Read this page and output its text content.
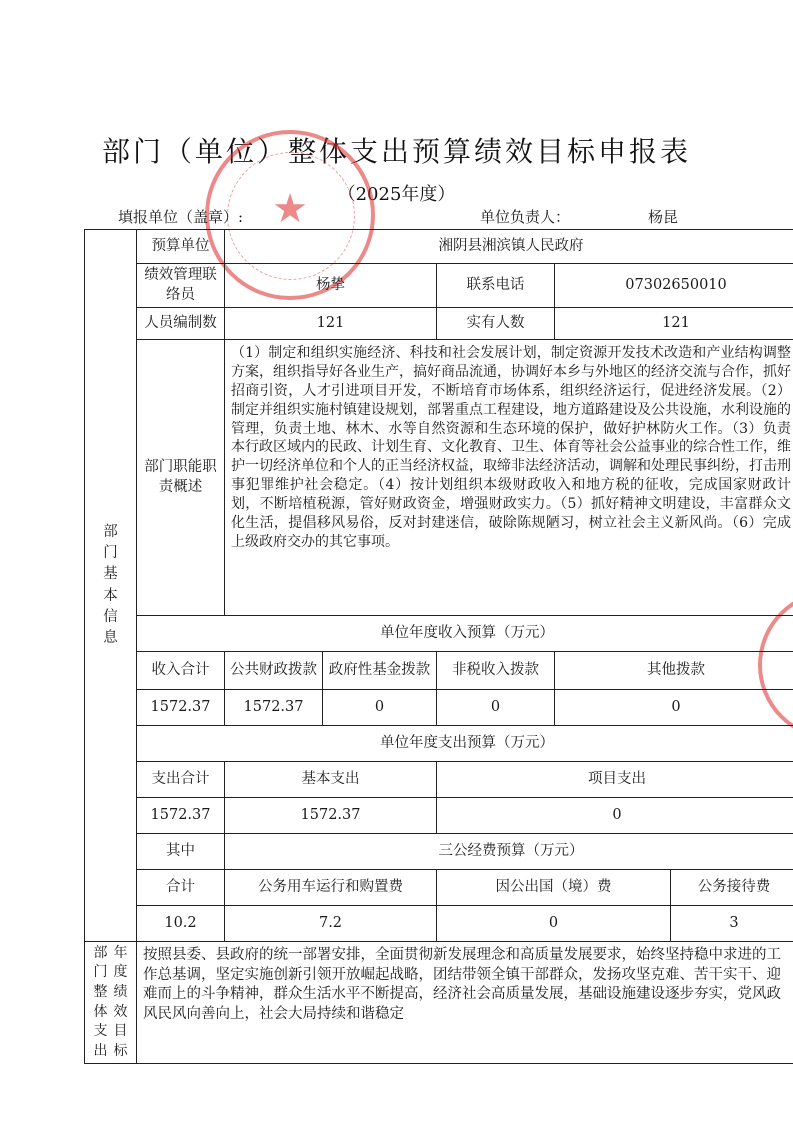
部门（单位）整体支出预算绩效目标申报表
（2025年度）
★
填报单位（盖章）:	单位负责人：	杨昆
部门基本信息	预算单位	湘阴县湘滨镇人民政府				
	绩效管理联络员	杨挚		联系电话	07302650010	
	人员编制数	121		实有人数	121	
	部门职能职责概述	（1）制定和组织实施经济、科技和社会发展计划，制定资源开发技术改造和产业结构调整方案，组织指导好各业生产，搞好商品流通，协调好本乡与外地区的经济交流与合作，抓好招商引资，人才引进项目开发，不断培育市场体系，组织经济运行，促进经济发展。（2）制定并组织实施村镇建设规划，部署重点工程建设，地方道路建设及公共设施，水利设施的管理，负责土地、林木、水等自然资源和生态环境的保护，做好护林防火工作。（3）负责本行政区域内的民政、计划生育、文化教育、卫生、体育等社会公益事业的综合性工作，维护一切经济单位和个人的正当经济权益，取缔非法经济活动，调解和处理民事纠纷，打击刑事犯罪维护社会稳定。（4）按计划组织本级财政收入和地方税的征收，完成国家财政计划，不断培植税源，管好财政资金，增强财政实力。（5）抓好精神文明建设，丰富群众文化生活，提倡移风易俗，反对封建迷信，破除陈规陋习，树立社会主义新风尚。（6）完成上级政府交办的其它事项。				
	单位年度收入预算（万元）					
	收入合计	公共财政拨款	政府性基金拨款	非税收入拨款	其他拨款	
	1572.37	1572.37	0	0	0	
	单位年度支出预算（万元）					
	支出合计	基本支出		项目支出		
	1572.37	1572.37		0		
	其中	三公经费预算（万元）				
	合计	公务用车运行和购置费		因公出国（境）费		公务接待费
	10.2	7.2		0		3

部门整体支出
年度绩效目标	按照县委、县政府的统一部署安排，全面贯彻新发展理念和高质量发展要求，始终坚持稳中求进的工作总基调，坚定实施创新引领开放崛起战略，团结带领全镇干部群众，发扬攻坚克难、苦干实干、迎难而上的斗争精神，群众生活水平不断提高，经济社会高质量发展，基础设施建设逐步夯实，党风政风民风向善向上，社会大局持续和谐稳定					
